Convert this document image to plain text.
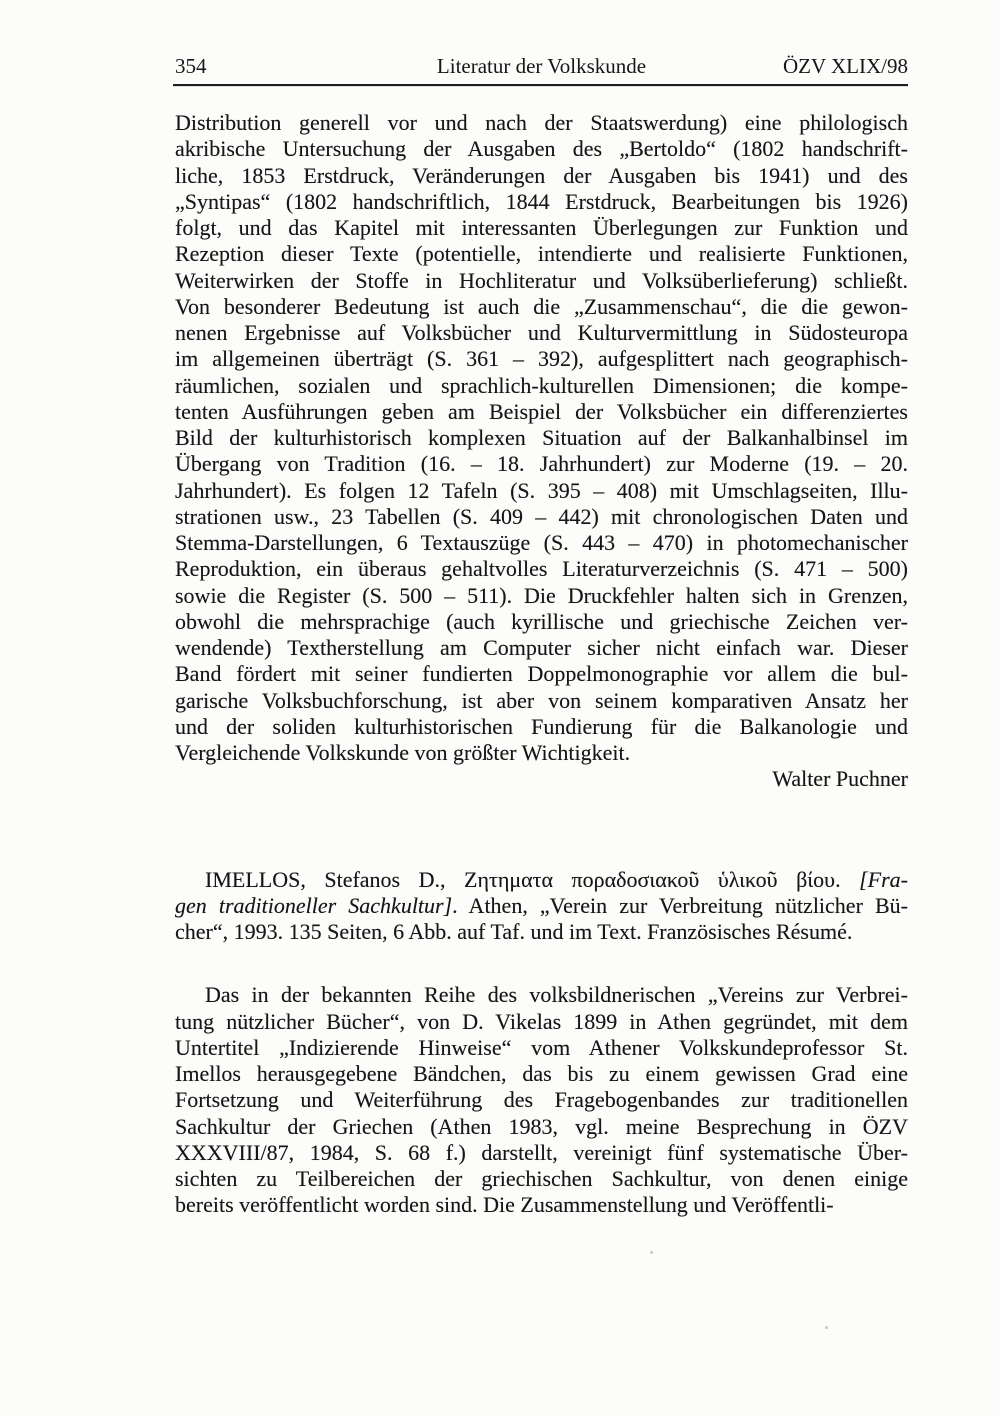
354	Literatur der Volkskunde	ÖZV XLIX/98
Distribution generell vor und nach der Staatswerdung) eine philologisch
akribische Untersuchung der Ausgaben des „Bertoldo“ (1802 handschrift-
liche, 1853 Erstdruck, Veränderungen der Ausgaben bis 1941) und des
„Syntipas“ (1802 handschriftlich, 1844 Erstdruck, Bearbeitungen bis 1926)
folgt, und das Kapitel mit interessanten Überlegungen zur Funktion und
Rezeption dieser Texte (potentielle, intendierte und realisierte Funktionen,
Weiterwirken der Stoffe in Hochliteratur und Volksüberlieferung) schließt.
Von besonderer Bedeutung ist auch die „Zusammenschau“, die die gewon-
nenen Ergebnisse auf Volksbücher und Kulturvermittlung in Südosteuropa
im allgemeinen überträgt (S. 361 – 392), aufgesplittert nach geographisch-
räumlichen, sozialen und sprachlich-kulturellen Dimensionen; die kompe-
tenten Ausführungen geben am Beispiel der Volksbücher ein differenziertes
Bild der kulturhistorisch komplexen Situation auf der Balkanhalbinsel im
Übergang von Tradition (16. – 18. Jahrhundert) zur Moderne (19. – 20.
Jahrhundert). Es folgen 12 Tafeln (S. 395 – 408) mit Umschlagseiten, Illu-
strationen usw., 23 Tabellen (S. 409 – 442) mit chronologischen Daten und
Stemma-Darstellungen, 6 Textauszüge (S. 443 – 470) in photomechanischer
Reproduktion, ein überaus gehaltvolles Literaturverzeichnis (S. 471 – 500)
sowie die Register (S. 500 – 511). Die Druckfehler halten sich in Grenzen,
obwohl die mehrsprachige (auch kyrillische und griechische Zeichen ver-
wendende) Textherstellung am Computer sicher nicht einfach war. Dieser
Band fördert mit seiner fundierten Doppelmonographie vor allem die bul-
garische Volksbuchforschung, ist aber von seinem komparativen Ansatz her
und der soliden kulturhistorischen Fundierung für die Balkanologie und
Vergleichende Volkskunde von größter Wichtigkeit.
Walter Puchner
IMELLOS, Stefanos D., Ζητηματα ποραδοσιακοῦ ὑλικοῦ βίου. [Fra-
gen traditioneller Sachkultur]. Athen, „Verein zur Verbreitung nützlicher Bü-
cher“, 1993. 135 Seiten, 6 Abb. auf Taf. und im Text. Französisches Résumé.
Das in der bekannten Reihe des volksbildnerischen „Vereins zur Verbrei-
tung nützlicher Bücher“, von D. Vikelas 1899 in Athen gegründet, mit dem
Untertitel „Indizierende Hinweise“ vom Athener Volkskundeprofessor St.
Imellos herausgegebene Bändchen, das bis zu einem gewissen Grad eine
Fortsetzung und Weiterführung des Fragebogenbandes zur traditionellen
Sachkultur der Griechen (Athen 1983, vgl. meine Besprechung in ÖZV
XXXVIII/87, 1984, S. 68 f.) darstellt, vereinigt fünf systematische Über-
sichten zu Teilbereichen der griechischen Sachkultur, von denen einige
bereits veröffentlicht worden sind. Die Zusammenstellung und Veröffentli-
